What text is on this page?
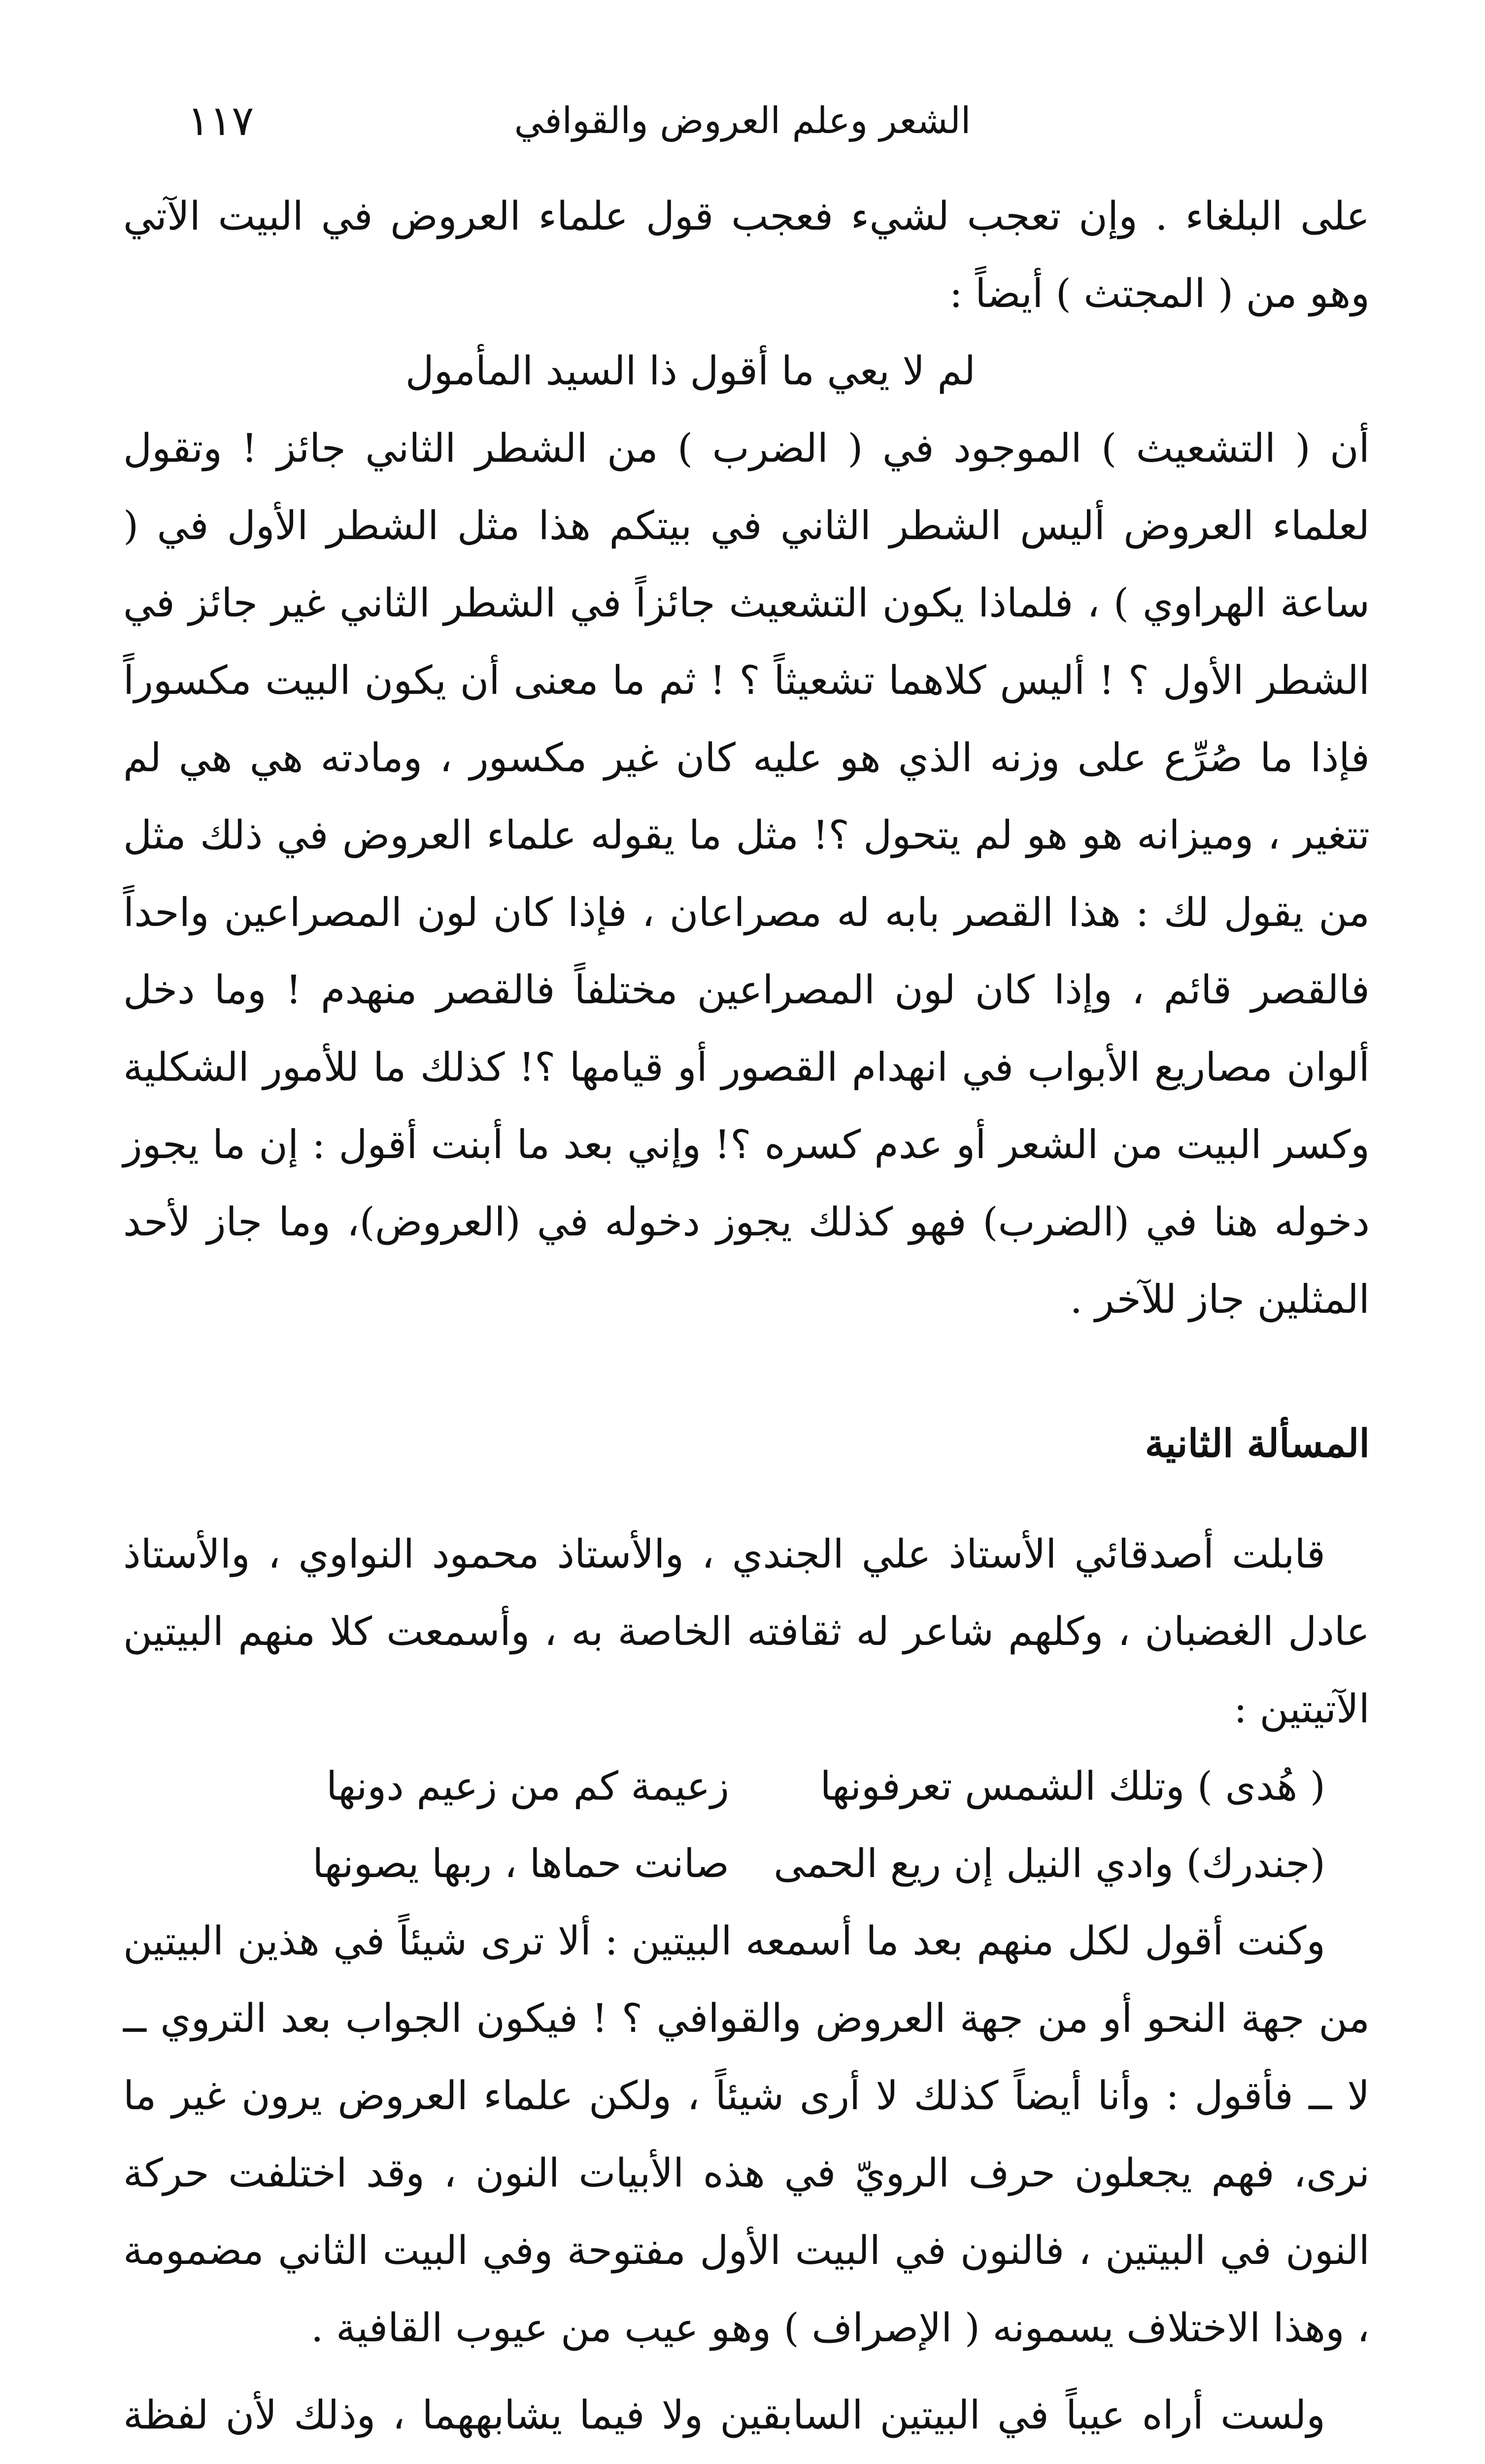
الشعر وعلم العروض والقوافي
١١٧

على البلغاء . وإن تعجب لشيء فعجب قول علماء العروض في البيت الآتي وهو من ( المجتث ) أيضاً :

لم لا يعي ما أقول ذا السيد المأمول

أن ( التشعيث ) الموجود في ( الضرب ) من الشطر الثاني جائز ! وتقول لعلماء العروض أليس الشطر الثاني في بيتكم هذا مثل الشطر الأول في ( ساعة الهراوي ) ، فلماذا يكون التشعيث جائزاً في الشطر الثاني غير جائز في الشطر الأول ؟ ! أليس كلاهما تشعيثاً ؟ ! ثم ما معنى أن يكون البيت مكسوراً فإذا ما صُرِّع على وزنه الذي هو عليه كان غير مكسور ، ومادته هي هي لم تتغير ، وميزانه هو هو لم يتحول ؟! مثل ما يقوله علماء العروض في ذلك مثل من يقول لك : هذا القصر بابه له مصراعان ، فإذا كان لون المصراعين واحداً فالقصر قائم ، وإذا كان لون المصراعين مختلفاً فالقصر منهدم ! وما دخل ألوان مصاريع الأبواب في انهدام القصور أو قيامها ؟! كذلك ما للأمور الشكلية وكسر البيت من الشعر أو عدم كسره ؟! وإني بعد ما أبنت أقول : إن ما يجوز دخوله هنا في (الضرب) فهو كذلك يجوز دخوله في (العروض)، وما جاز لأحد المثلين جاز للآخر .

المسألة الثانية

قابلت أصدقائي الأستاذ علي الجندي ، والأستاذ محمود النواوي ، والأستاذ عادل الغضبان ، وكلهم شاعر له ثقافته الخاصة به ، وأسمعت كلا منهم البيتين الآتيتين :

( هُدى ) وتلك الشمس تعرفونها
زعيمة كم من زعيم دونها
(جندرك) وادي النيل إن ريع الحمى
صانت حماها ، ربها يصونها

وكنت أقول لكل منهم بعد ما أسمعه البيتين : ألا ترى شيئاً في هذين البيتين من جهة النحو أو من جهة العروض والقوافي ؟ ! فيكون الجواب بعد التروي ــ لا ــ فأقول : وأنا أيضاً كذلك لا أرى شيئاً ، ولكن علماء العروض يرون غير ما نرى، فهم يجعلون حرف الرويّ في هذه الأبيات النون ، وقد اختلفت حركة النون في البيتين ، فالنون في البيت الأول مفتوحة وفي البيت الثاني مضمومة ، وهذا الاختلاف يسمونه ( الإصراف ) وهو عيب من عيوب القافية .

ولست أراه عيباً في البيتين السابقين ولا فيما يشابههما ، وذلك لأن لفظة
